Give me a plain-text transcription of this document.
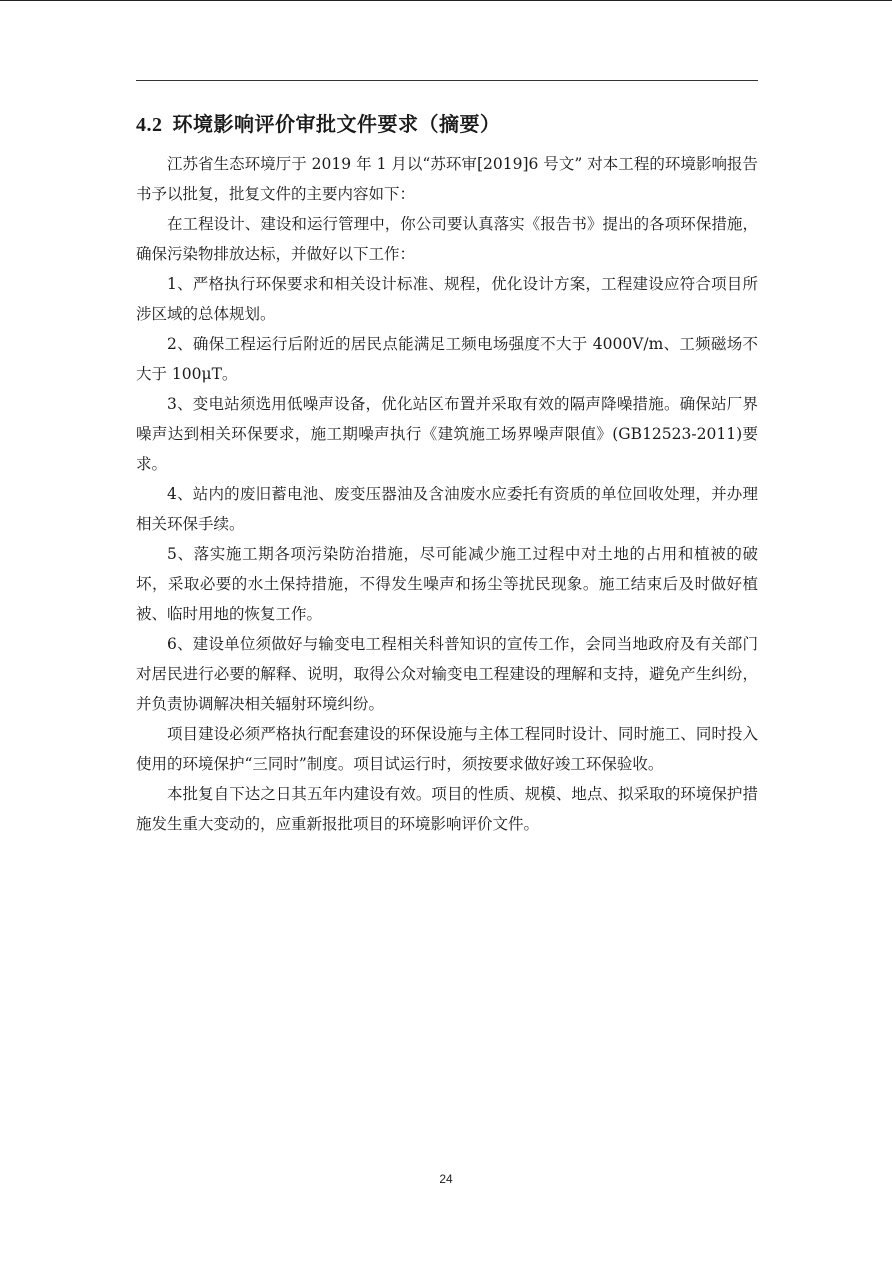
4.2 环境影响评价审批文件要求（摘要）

江苏省生态环境厅于 2019 年 1 月以“苏环审[2019]6 号文” 对本工程的环境影响报告书予以批复，批复文件的主要内容如下：

在工程设计、建设和运行管理中，你公司要认真落实《报告书》提出的各项环保措施，确保污染物排放达标，并做好以下工作：

1、严格执行环保要求和相关设计标准、规程，优化设计方案，工程建设应符合项目所涉区域的总体规划。

2、确保工程运行后附近的居民点能满足工频电场强度不大于 4000V/m、工频磁场不大于 100μT。

3、变电站须选用低噪声设备，优化站区布置并采取有效的隔声降噪措施。确保站厂界噪声达到相关环保要求，施工期噪声执行《建筑施工场界噪声限值》(GB12523-2011)要求。

4、站内的废旧蓄电池、废变压器油及含油废水应委托有资质的单位回收处理，并办理相关环保手续。

5、落实施工期各项污染防治措施，尽可能减少施工过程中对土地的占用和植被的破坏，采取必要的水土保持措施，不得发生噪声和扬尘等扰民现象。施工结束后及时做好植被、临时用地的恢复工作。

6、建设单位须做好与输变电工程相关科普知识的宣传工作，会同当地政府及有关部门对居民进行必要的解释、说明，取得公众对输变电工程建设的理解和支持，避免产生纠纷，并负责协调解决相关辐射环境纠纷。

项目建设必须严格执行配套建设的环保设施与主体工程同时设计、同时施工、同时投入使用的环境保护“三同时”制度。项目试运行时，须按要求做好竣工环保验收。

本批复自下达之日其五年内建设有效。项目的性质、规模、地点、拟采取的环境保护措施发生重大变动的，应重新报批项目的环境影响评价文件。

24
